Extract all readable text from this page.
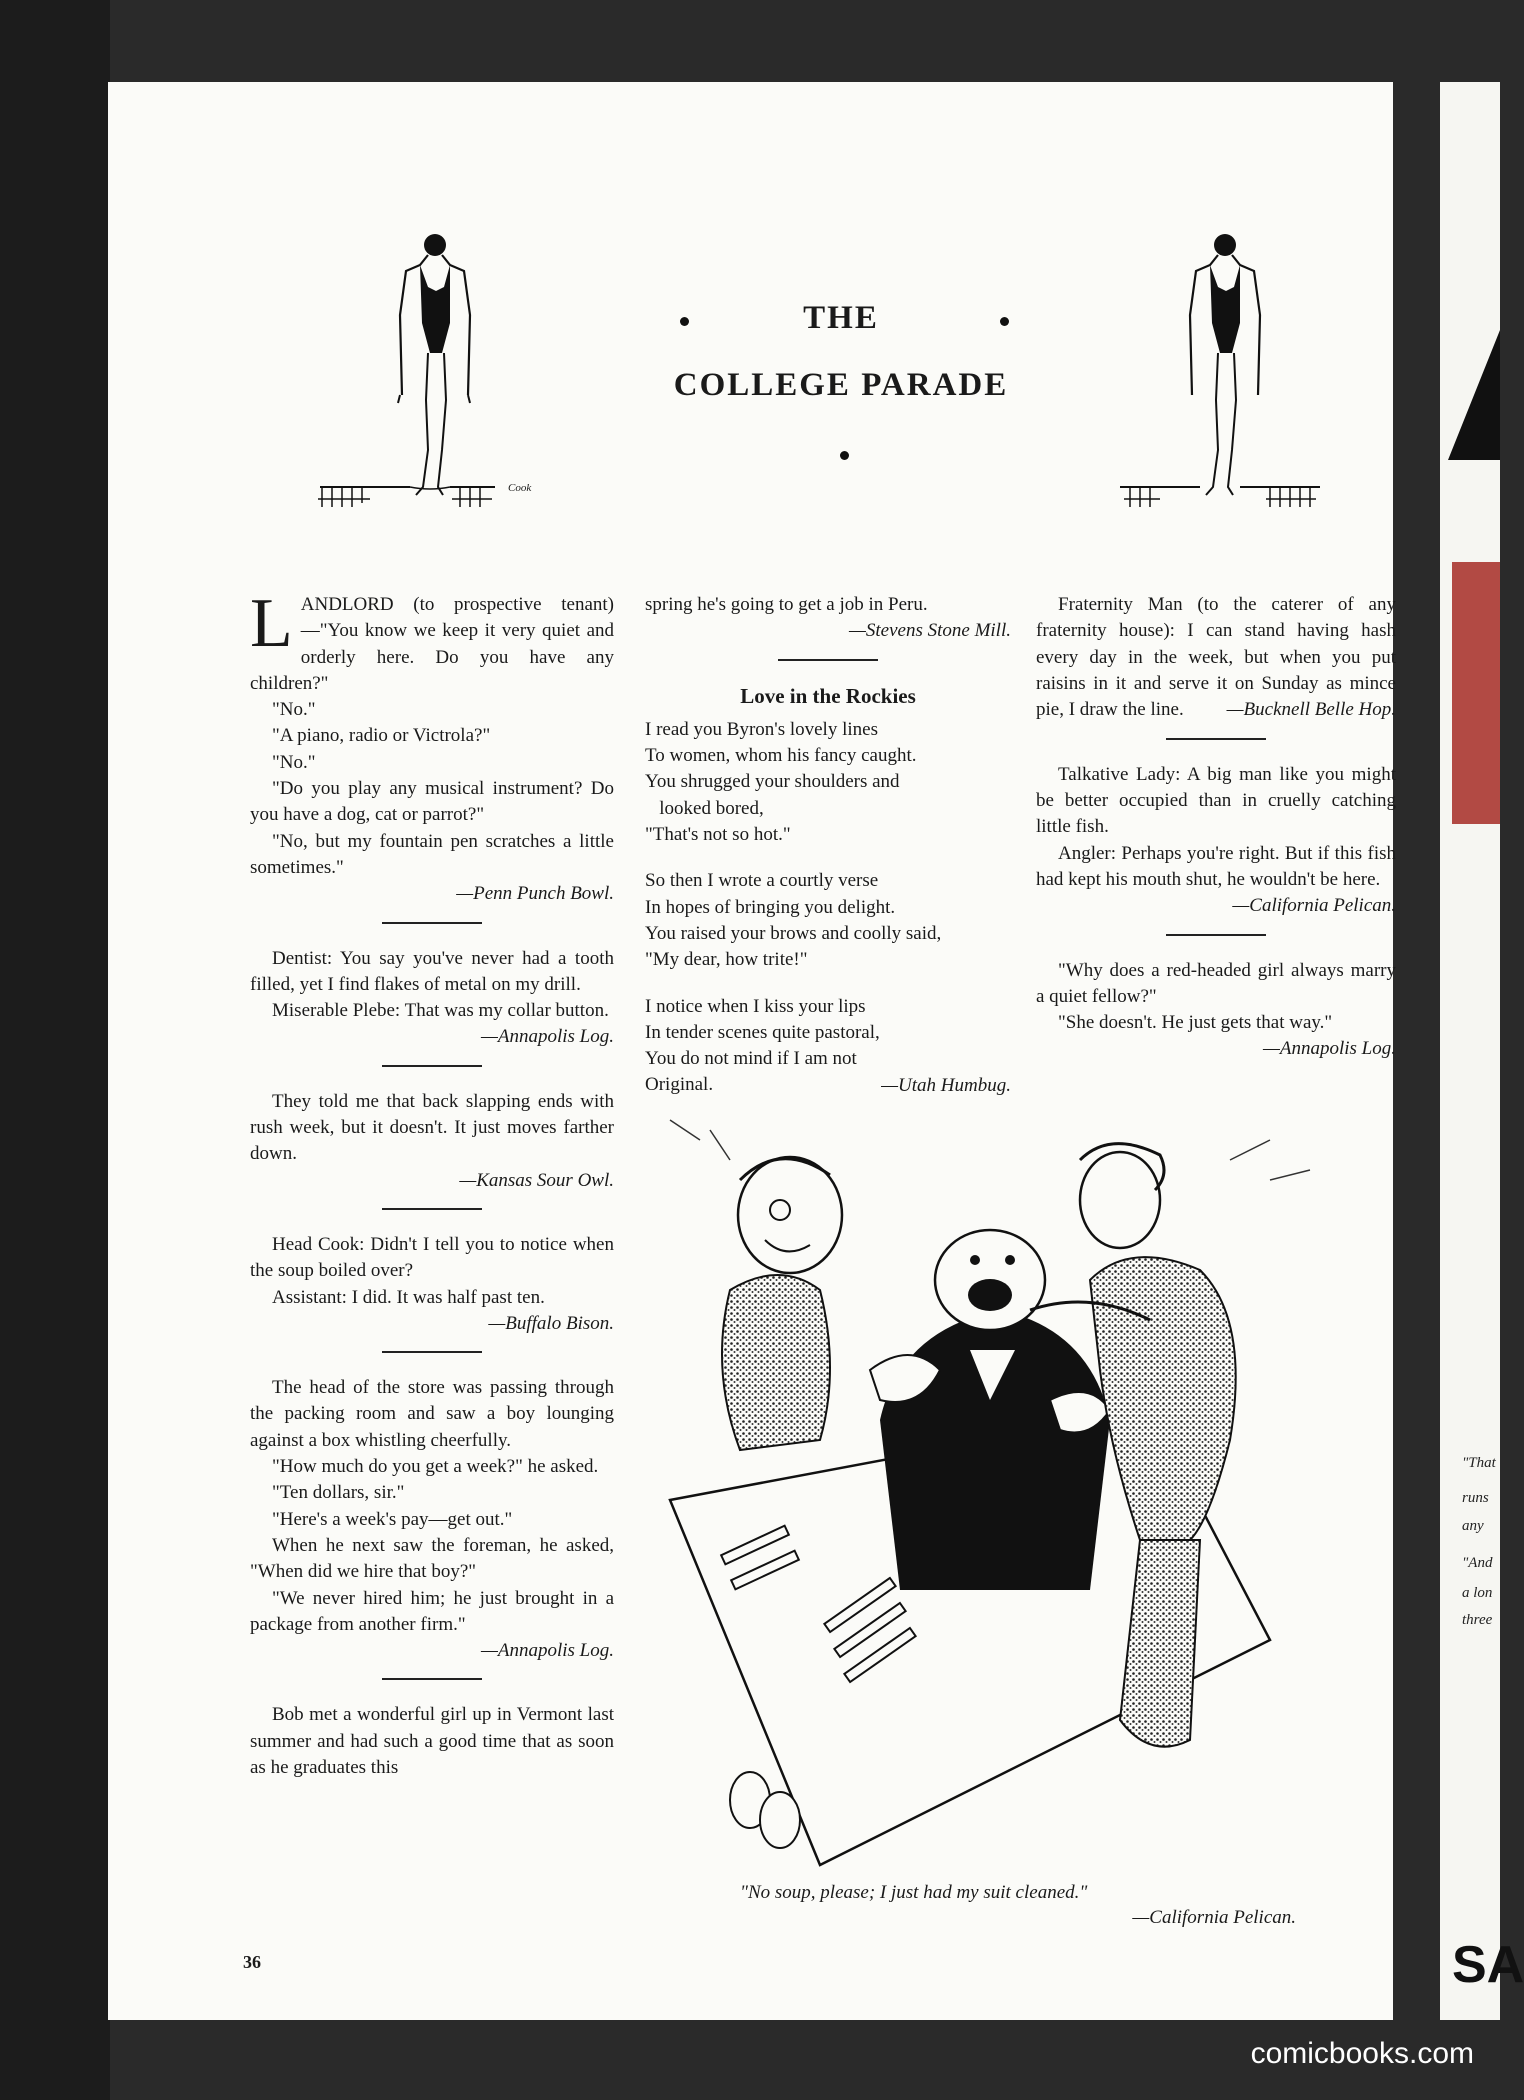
"That
runs
any
"And
a lon
three
SA
Cook
THE
COLLEGE PARADE

LANDLORD (to prospective tenant)—"You know we keep it very quiet and orderly here. Do you have any children?"

"No."

"A piano, radio or Victrola?"

"No."

"Do you play any musical instrument? Do you have a dog, cat or parrot?"

"No, but my fountain pen scratches a little sometimes."

—Penn Punch Bowl.

Dentist: You say you've never had a tooth filled, yet I find flakes of metal on my drill.

Miserable Plebe: That was my collar button.

—Annapolis Log.

They told me that back slapping ends with rush week, but it doesn't. It just moves farther down.

—Kansas Sour Owl.

Head Cook: Didn't I tell you to notice when the soup boiled over?

Assistant: I did. It was half past ten.

—Buffalo Bison.

The head of the store was passing through the packing room and saw a boy lounging against a box whistling cheerfully.

"How much do you get a week?" he asked.

"Ten dollars, sir."

"Here's a week's pay—get out."

When he next saw the foreman, he asked, "When did we hire that boy?"

"We never hired him; he just brought in a package from another firm."

—Annapolis Log.

Bob met a wonderful girl up in Vermont last summer and had such a good time that as soon as he graduates this

spring he's going to get a job in Peru.

—Stevens Stone Mill.

Love in the Rockies

I read you Byron's lovely lines
To women, whom his fancy caught.
You shrugged your shoulders and
looked bored,
"That's not so hot."

So then I wrote a courtly verse
In hopes of bringing you delight.
You raised your brows and coolly said,
"My dear, how trite!"

I notice when I kiss your lips
In tender scenes quite pastoral,
You do not mind if I am not
Original.	—Utah Humbug.

Fraternity Man (to the caterer of any fraternity house): I can stand having hash every day in the week, but when you put raisins in it and serve it on Sunday as mince pie, I draw the line.	—Bucknell Belle Hop.

Talkative Lady: A big man like you might be better occupied than in cruelly catching little fish.

Angler: Perhaps you're right. But if this fish had kept his mouth shut, he wouldn't be here.

—California Pelican.

"Why does a red-headed girl always marry a quiet fellow?"

"She doesn't. He just gets that way."

—Annapolis Log.

"No soup, please; I just had my suit cleaned."
—California Pelican.
36
comicbooks.com
